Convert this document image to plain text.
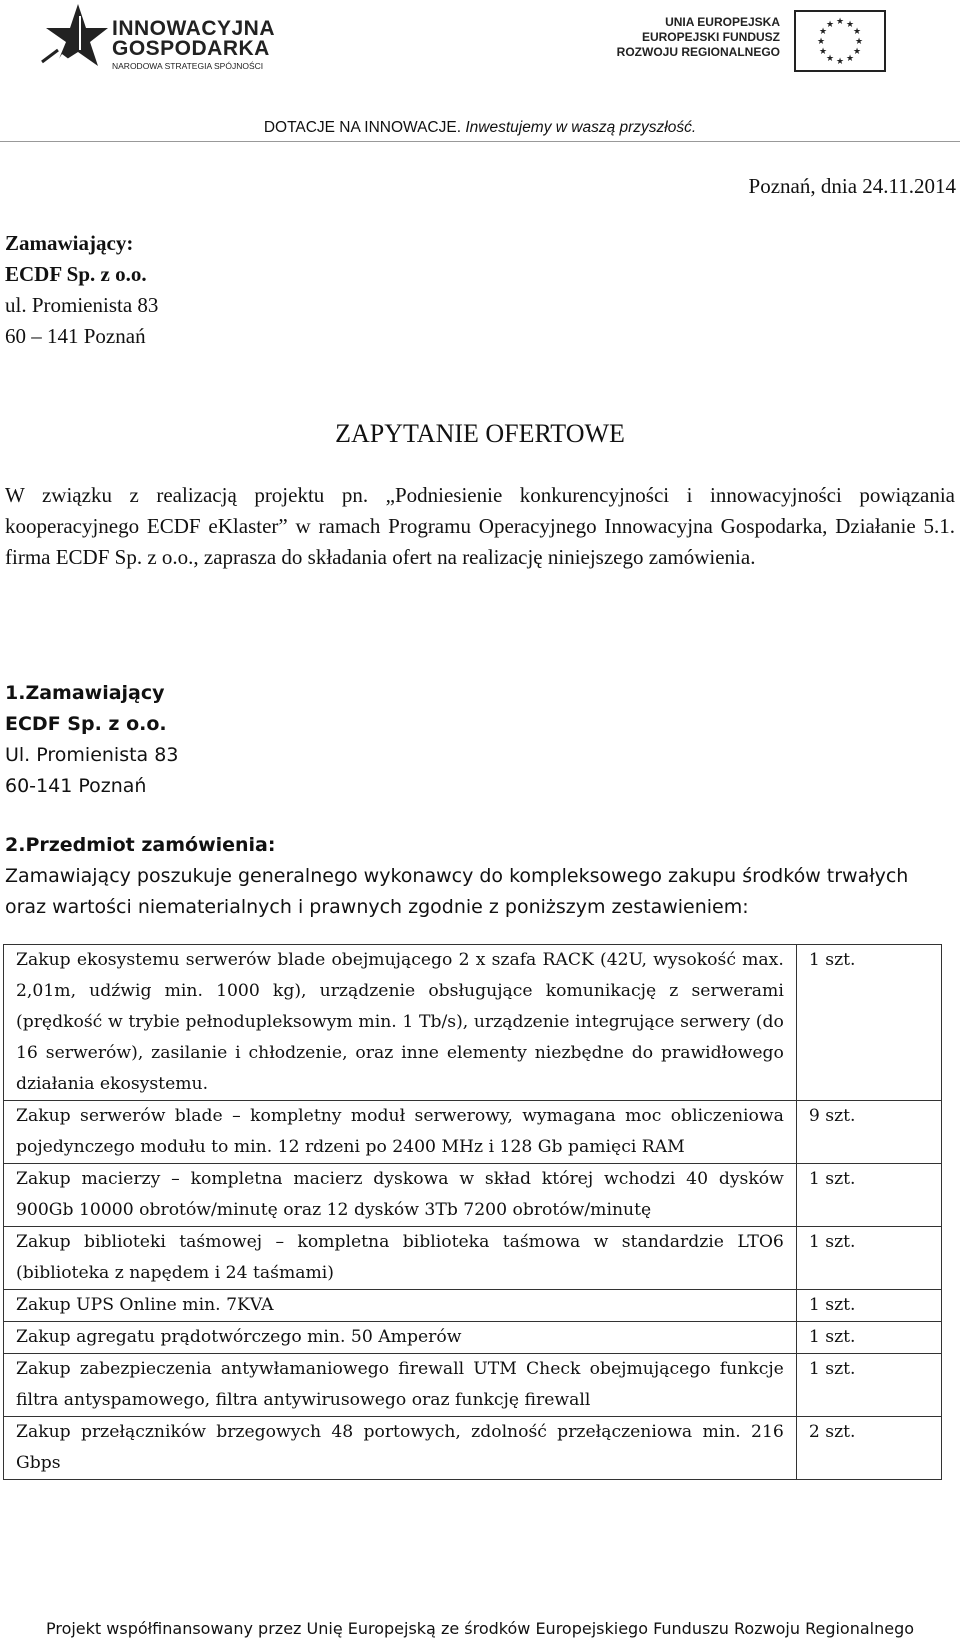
INNOWACYJNA
GOSPODARKA
NARODOWA STRATEGIA SPÓJNOŚCI
UNIA EUROPEJSKA
EUROPEJSKI FUNDUSZ
ROZWOJU REGIONALNEGO
★ ★
★
★
★
★
★
★
★
★
★
★
DOTACJE NA INNOWACJE. Inwestujemy w waszą przyszłość.
Poznań, dnia 24.11.2014
Zamawiający:
ECDF Sp. z o.o.
ul. Promienista 83
60 – 141 Poznań
ZAPYTANIE OFERTOWE
W związku z realizacją projektu pn. „Podniesienie konkurencyjności i innowacyjności powiązania kooperacyjnego ECDF eKlaster” w ramach Programu Operacyjnego Innowacyjna Gospodarka, Działanie 5.1. firma ECDF Sp. z o.o., zaprasza do składania ofert na realizację niniejszego zamówienia.
1.Zamawiający
ECDF Sp. z o.o.
Ul. Promienista 83
60-141 Poznań
2.Przedmiot zamówienia:
Zamawiający poszukuje generalnego wykonawcy do kompleksowego zakupu środków trwałych oraz wartości niematerialnych i prawnych zgodnie z poniższym zestawieniem:
Zakup ekosystemu serwerów blade obejmującego 2 x szafa RACK (42U, wysokość max. 2,01m, udźwig min. 1000 kg), urządzenie obsługujące komunikację z serwerami (prędkość w trybie pełnodupleksowym min. 1 Tb/s), urządzenie integrujące serwery (do 16 serwerów), zasilanie i chłodzenie, oraz inne elementy niezbędne do prawidłowego działania ekosystemu.	1 szt.
Zakup serwerów blade – kompletny moduł serwerowy, wymagana moc obliczeniowa pojedynczego modułu to min. 12 rdzeni po 2400 MHz i 128 Gb pamięci RAM	9 szt.
Zakup macierzy – kompletna macierz dyskowa w skład której wchodzi 40 dysków 900Gb 10000 obrotów/minutę oraz 12 dysków 3Tb 7200 obrotów/minutę	1 szt.
Zakup biblioteki taśmowej – kompletna biblioteka taśmowa w standardzie LTO6 (biblioteka z napędem i 24 taśmami)	1 szt.
Zakup UPS Online min. 7KVA	1 szt.
Zakup agregatu prądotwórczego min. 50 Amperów	1 szt.
Zakup zabezpieczenia antywłamaniowego firewall UTM Check obejmującego funkcje filtra antyspamowego, filtra antywirusowego oraz funkcję firewall	1 szt.
Zakup przełączników brzegowych 48 portowych, zdolność przełączeniowa min. 216 Gbps	2 szt.
Projekt współfinansowany przez Unię Europejską ze środków Europejskiego Funduszu Rozwoju Regionalnego
